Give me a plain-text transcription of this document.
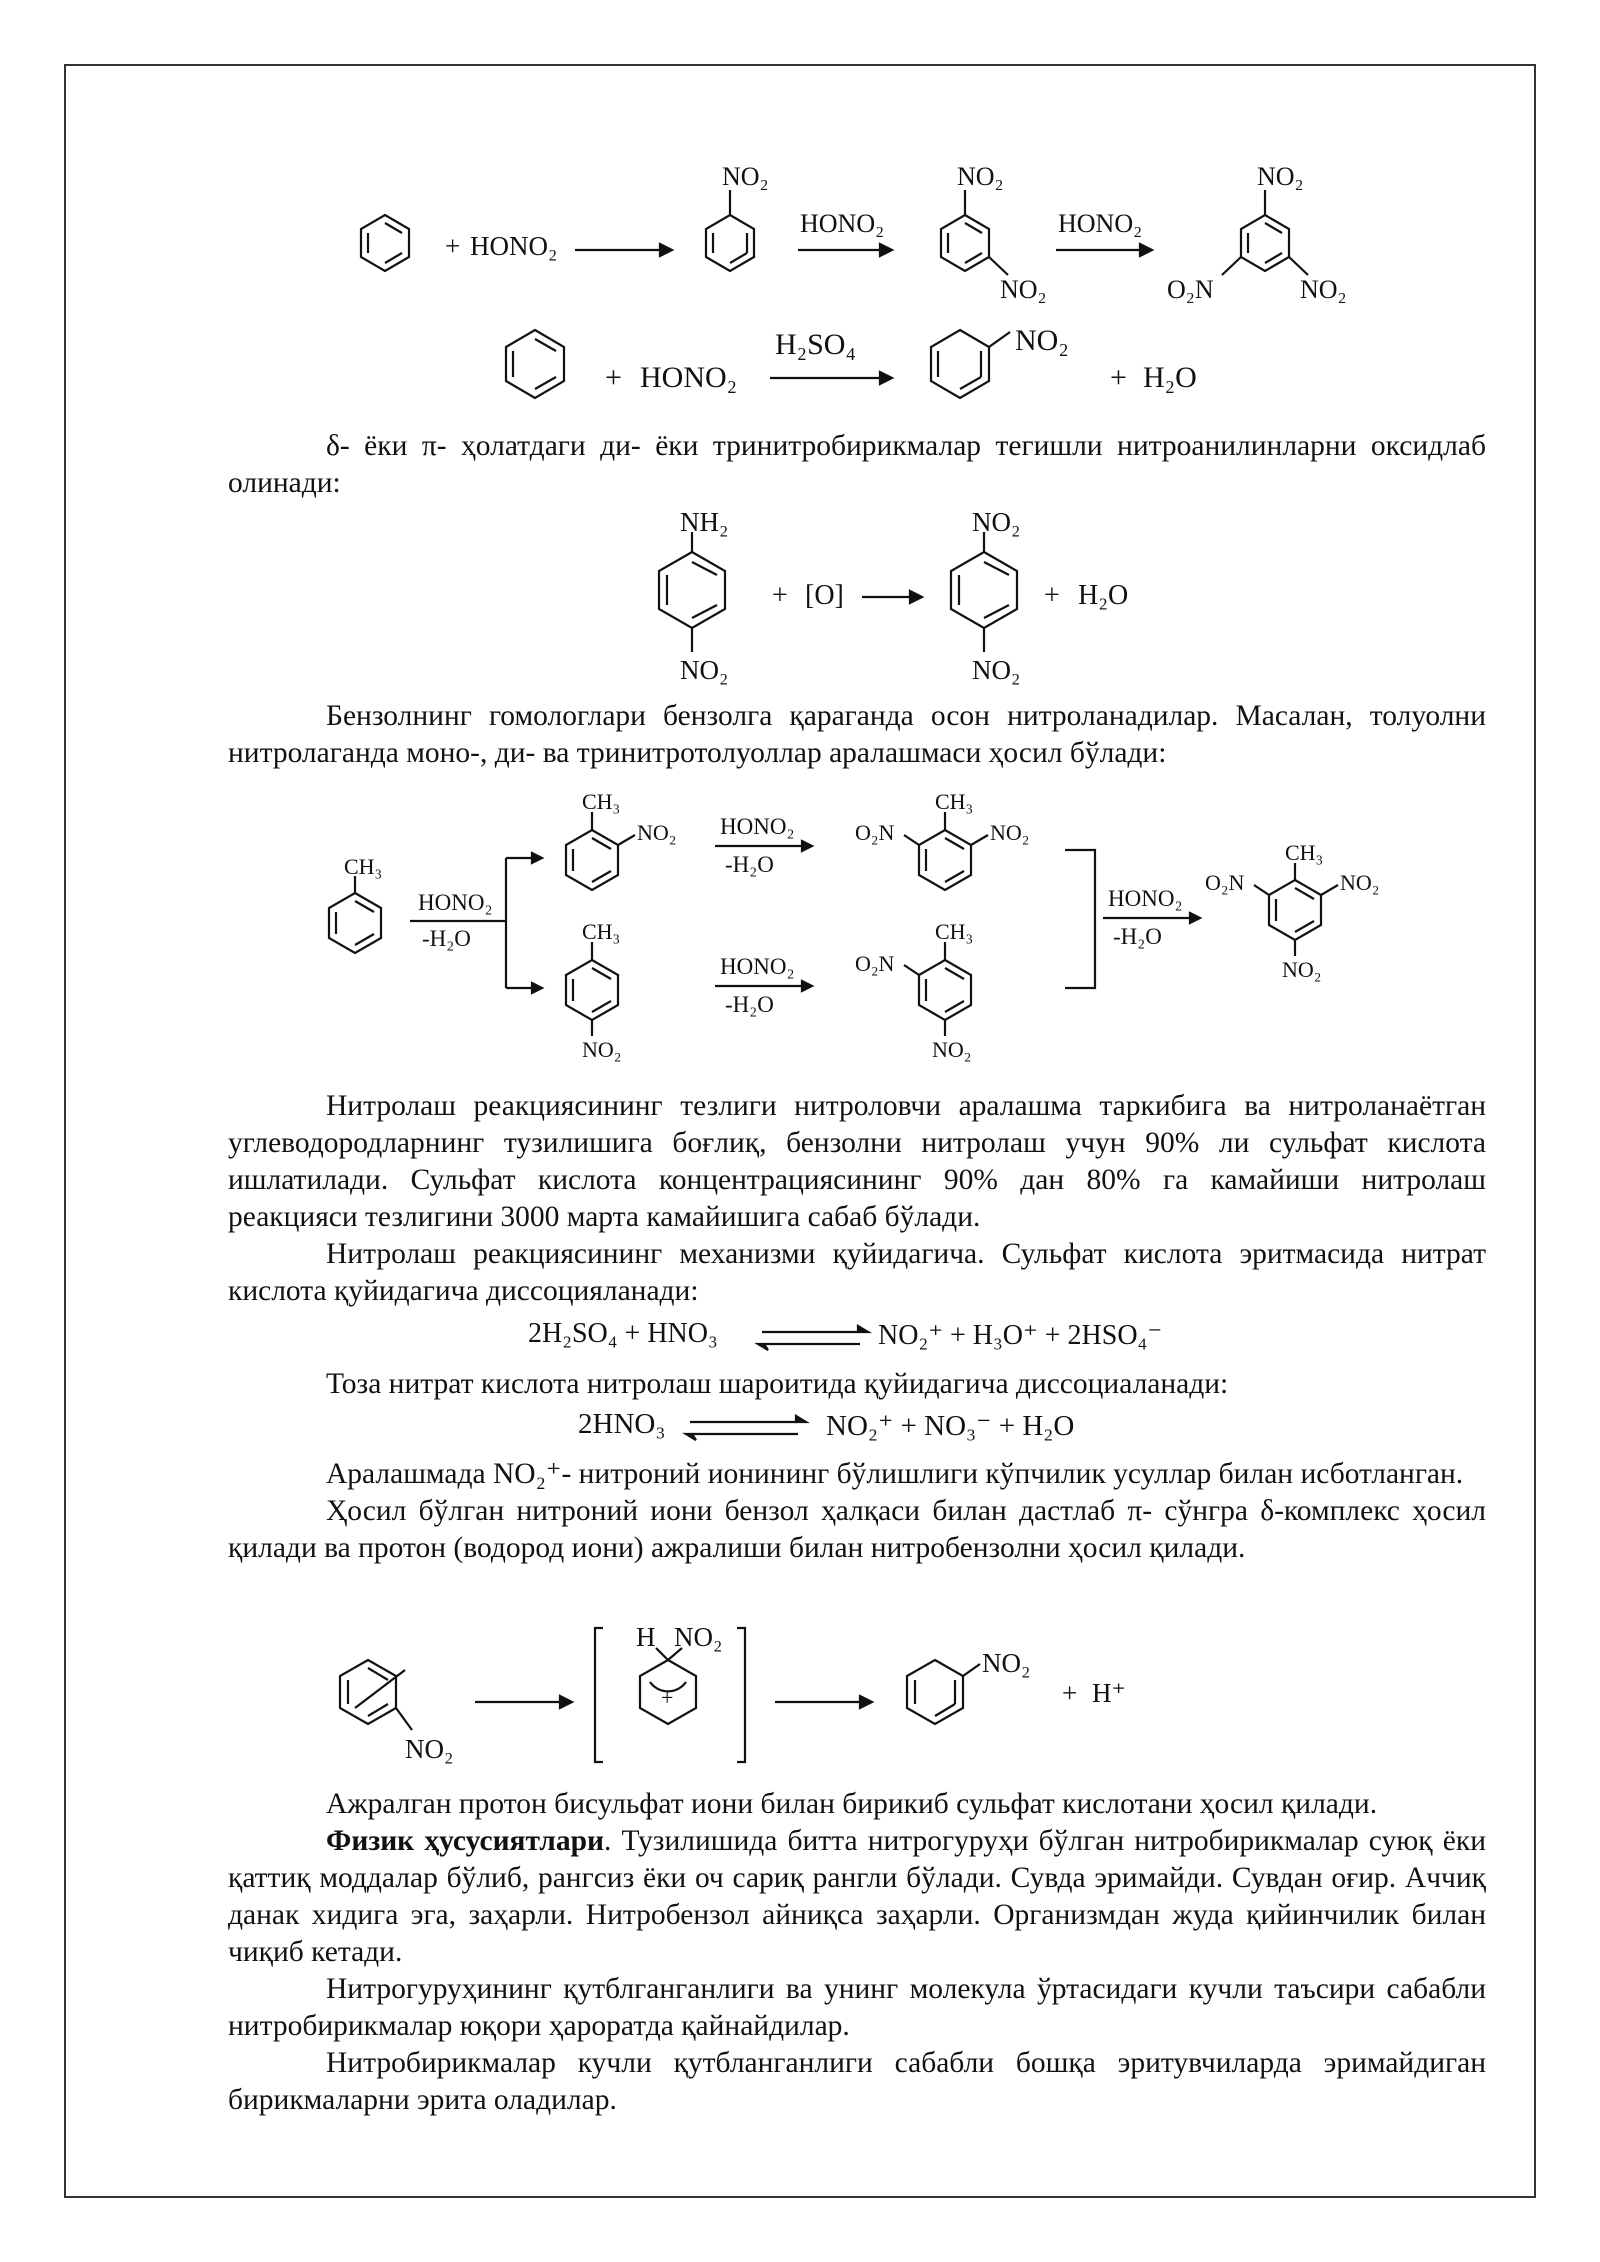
+ HONO₂
NO₂
HONO₂
NO₂
NO₂
HONO₂
NO₂
NO₂
O₂N
+ HONO₂
H₂SO₄	NO₂
+ H₂O

δ- ёки π- ҳолатдаги ди- ёки тринитробирикмалар тегишли нитроанилинларни оксидлаб олинади:

NH₂
NO₂
+ [O]
NO₂
NO₂
+ H₂O

Бензолнинг гомологлари бензолга қараганда осон нитроланадилар. Масалан, толуолни нитролаганда моно-, ди- ва тринитротолуоллар аралашмаси ҳосил бўлади:

CH₃
HONO₂
-H₂O
CH₃
NO₂
CH₃
NO₂
HONO₂
-H₂O
HONO₂
-H₂O
CH₃
NO₂
O₂N
CH₃
NO₂
O₂N
HONO₂
-H₂O
CH₃
NO₂
O₂N
NO₂

Нитролаш реакциясининг тезлиги нитроловчи аралашма таркибига ва нитроланаётган углеводородларнинг тузилишига боғлиқ, бензолни нитролаш учун 90% ли сульфат кислота ишлатилади. Сульфат кислота концентрациясининг 90% дан 80% га камайиши нитролаш реакцияси тезлигини 3000 марта камайишига сабаб бўлади.

Нитролаш реакциясининг механизми қуйидагича. Сульфат кислота эритмасида нитрат кислота қуйидагича диссоцияланади:

2H₂SO₄ + HNO₃	NO₂⁺ + H₃O⁺ + 2HSO₄⁻

Тоза нитрат кислота нитролаш шароитида қуйидагича диссоциаланади:

2HNO₃	NO₂⁺ + NO₃⁻ + H₂O

Аралашмада NO₂⁺- нитроний ионининг бўлишлиги кўпчилик усуллар билан исботланган.

Ҳосил бўлган нитроний иони бензол ҳалқаси билан дастлаб π- сўнгра δ-комплекс ҳосил қилади ва протон (водород иони) ажралиши билан нитробензолни ҳосил қилади.

NO₂
+
H NO₂
NO₂
+ H⁺

Ажралган протон бисульфат иони билан бирикиб сульфат кислотани ҳосил қилади.

Физик ҳусусиятлари. Тузилишида битта нитрогуруҳи бўлган нитробирикмалар суюқ ёки қаттиқ моддалар бўлиб, рангсиз ёки оч сариқ рангли бўлади. Сувда эримайди. Сувдан оғир. Аччиқ данак хидига эга, заҳарли. Нитробензол айниқса заҳарли. Организмдан жуда қийинчилик билан чиқиб кетади.

Нитрогуруҳининг қутблганганлиги ва унинг молекула ўртасидаги кучли таъсири сабабли нитробирикмалар юқори ҳароратда қайнайдилар.

Нитробирикмалар кучли қутбланганлиги сабабли бошқа эритувчиларда эримайдиган бирикмаларни эрита оладилар.
